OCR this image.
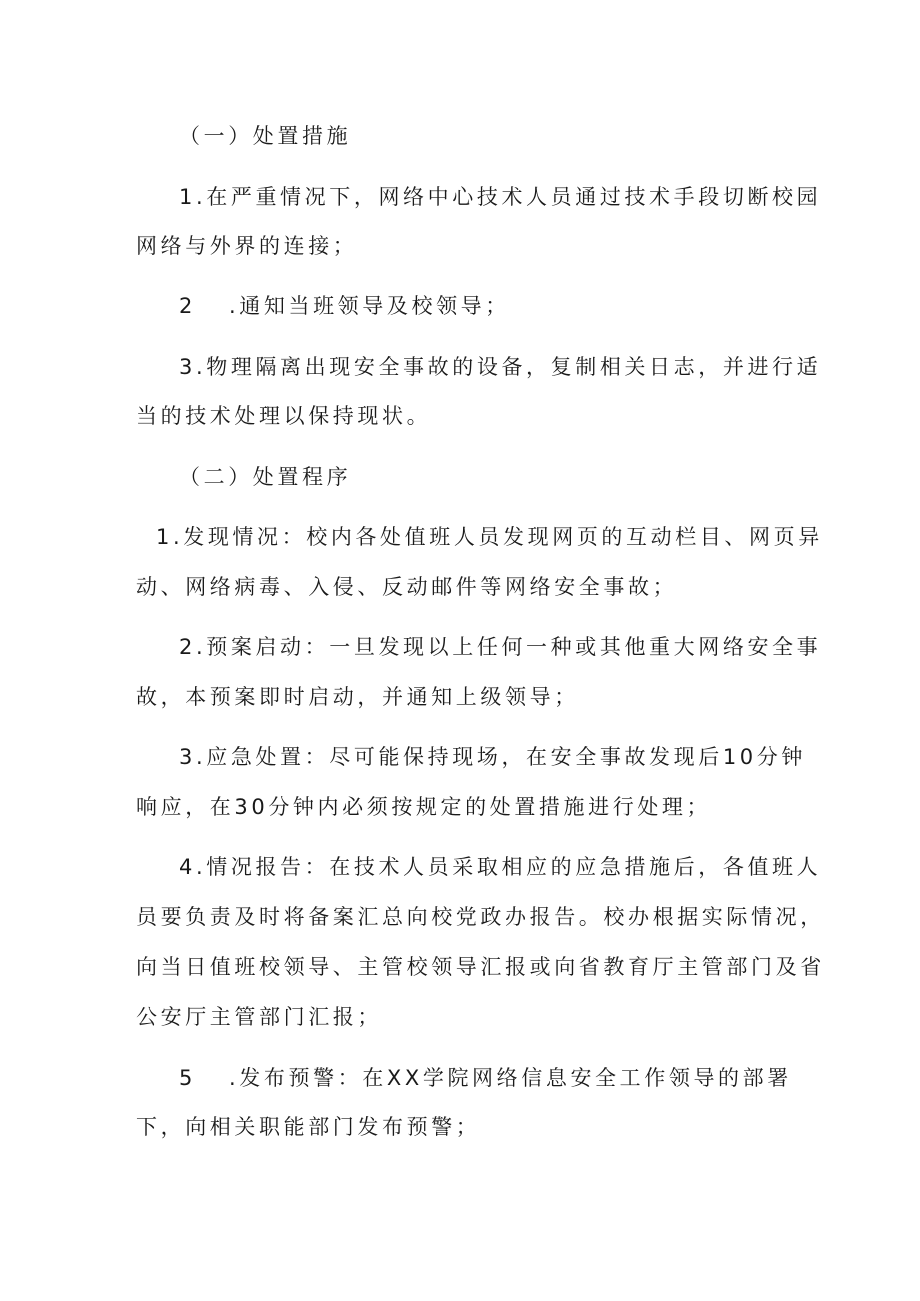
（一）处置措施
1.在严重情况下，网络中心技术人员通过技术手段切断校园
网络与外界的连接；
2 .通知当班领导及校领导；
3.物理隔离出现安全事故的设备，复制相关日志，并进行适
当的技术处理以保持现状。
（二）处置程序
1.发现情况：校内各处值班人员发现网页的互动栏目、网页异
动、网络病毒、入侵、反动邮件等网络安全事故；
2.预案启动：一旦发现以上任何一种或其他重大网络安全事
故，本预案即时启动，并通知上级领导；
3.应急处置：尽可能保持现场，在安全事故发现后10分钟
响应，在30分钟内必须按规定的处置措施进行处理；
4.情况报告：在技术人员采取相应的应急措施后，各值班人
员要负责及时将备案汇总向校党政办报告。校办根据实际情况，
向当日值班校领导、主管校领导汇报或向省教育厅主管部门及省
公安厅主管部门汇报；
5 .发布预警：在XX学院网络信息安全工作领导的部署
下，向相关职能部门发布预警；
